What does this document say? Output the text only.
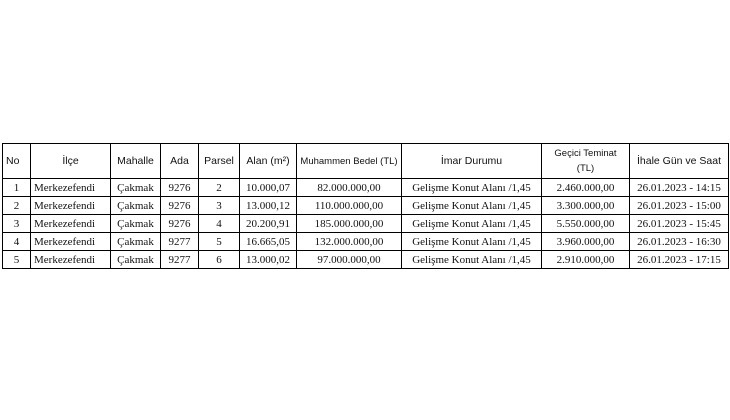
No	İlçe	Mahalle	Ada	Parsel	Alan (m²)	Muhammen Bedel (TL)	İmar Durumu	Geçici Teminat (TL)	İhale Gün ve Saat
1	Merkezefendi	Çakmak	9276	2	10.000,07	82.000.000,00	Gelişme Konut Alanı /1,45	2.460.000,00	26.01.2023 - 14:15
2	Merkezefendi	Çakmak	9276	3	13.000,12	110.000.000,00	Gelişme Konut Alanı /1,45	3.300.000,00	26.01.2023 - 15:00
3	Merkezefendi	Çakmak	9276	4	20.200,91	185.000.000,00	Gelişme Konut Alanı /1,45	5.550.000,00	26.01.2023 - 15:45
4	Merkezefendi	Çakmak	9277	5	16.665,05	132.000.000,00	Gelişme Konut Alanı /1,45	3.960.000,00	26.01.2023 - 16:30
5	Merkezefendi	Çakmak	9277	6	13.000,02	97.000.000,00	Gelişme Konut Alanı /1,45	2.910.000,00	26.01.2023 - 17:15
